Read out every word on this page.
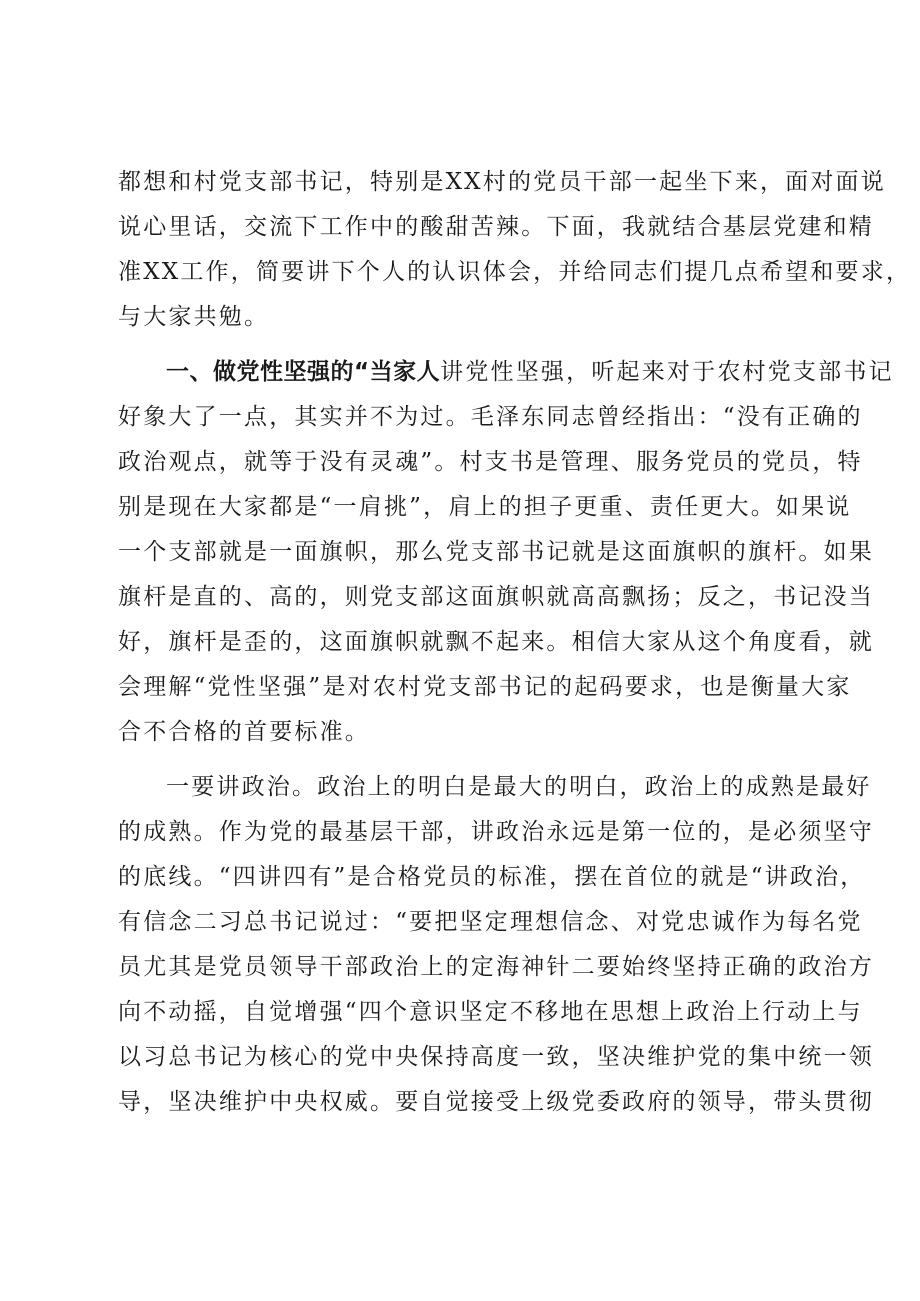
都想和村党支部书记，特别是XX村的党员干部一起坐下来，面对面说
说心里话，交流下工作中的酸甜苦辣。下面，我就结合基层党建和精
准XX工作，简要讲下个人的认识体会，并给同志们提几点希望和要求，
与大家共勉。
一、做党性坚强的“当家人讲党性坚强，听起来对于农村党支部书记
好象大了一点，其实并不为过。毛泽东同志曾经指出：“没有正确的
政治观点，就等于没有灵魂”。村支书是管理、服务党员的党员，特
别是现在大家都是“一肩挑”，肩上的担子更重、责任更大。如果说
一个支部就是一面旗帜，那么党支部书记就是这面旗帜的旗杆。如果
旗杆是直的、高的，则党支部这面旗帜就高高飘扬；反之，书记没当
好，旗杆是歪的，这面旗帜就飘不起来。相信大家从这个角度看，就
会理解“党性坚强”是对农村党支部书记的起码要求，也是衡量大家
合不合格的首要标准。
一要讲政治。政治上的明白是最大的明白，政治上的成熟是最好
的成熟。作为党的最基层干部，讲政治永远是第一位的，是必须坚守
的底线。“四讲四有”是合格党员的标准，摆在首位的就是“讲政治，
有信念二习总书记说过：“要把坚定理想信念、对党忠诚作为每名党
员尤其是党员领导干部政治上的定海神针二要始终坚持正确的政治方
向不动摇，自觉增强“四个意识坚定不移地在思想上政治上行动上与
以习总书记为核心的党中央保持高度一致，坚决维护党的集中统一领
导，坚决维护中央权威。要自觉接受上级党委政府的领导，带头贯彻
